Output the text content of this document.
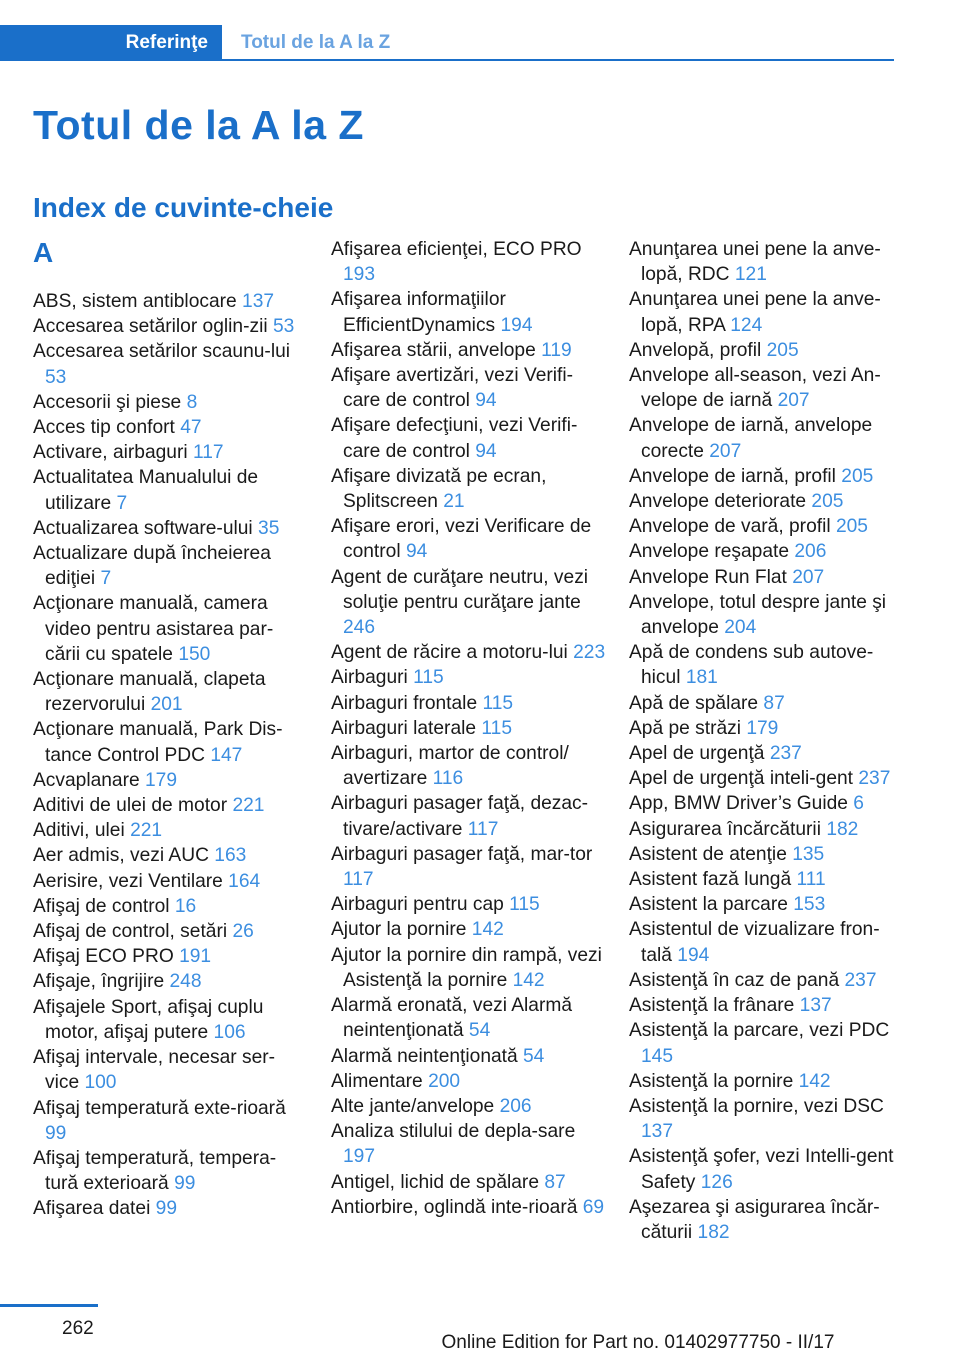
Referinţe	Totul de la A la Z
Totul de la A la Z
Index de cuvinte-cheie
A
ABS, sistem antiblocare 137
Accesarea setărilor oglin-zii 53
Accesarea setărilor scaunu-lui 53
Accesorii şi piese 8
Acces tip confort 47
Activare, airbaguri 117
Actualitatea Manualului de utilizare 7
Actualizarea software-ului 35
Actualizare după încheierea ediţiei 7
Acţionare manuală, camera video pentru asistarea par-cării cu spatele 150
Acţionare manuală, clapeta rezervorului 201
Acţionare manuală, Park Dis-tance Control PDC 147
Acvaplanare 179
Aditivi de ulei de motor 221
Aditivi, ulei 221
Aer admis, vezi AUC 163
Aerisire, vezi Ventilare 164
Afişaj de control 16
Afişaj de control, setări 26
Afişaj ECO PRO 191
Afişaje, îngrijire 248
Afişajele Sport, afişaj cuplu motor, afişaj putere 106
Afişaj intervale, necesar ser-vice 100
Afişaj temperatură exte-rioară 99
Afişaj temperatură, tempera-tură exterioară 99
Afişarea datei 99
Afişarea eficienţei, ECO PRO 193
Afişarea informaţiilor EfficientDynamics 194
Afişarea stării, anvelope 119
Afişare avertizări, vezi Verifi-care de control 94
Afişare defecţiuni, vezi Verifi-care de control 94
Afişare divizată pe ecran, Splitscreen 21
Afişare erori, vezi Verificare de control 94
Agent de curăţare neutru, vezi soluţie pentru curăţare jante 246
Agent de răcire a motoru-lui 223
Airbaguri 115
Airbaguri frontale 115
Airbaguri laterale 115
Airbaguri, martor de control/ avertizare 116
Airbaguri pasager faţă, dezac-tivare/activare 117
Airbaguri pasager faţă, mar-tor 117
Airbaguri pentru cap 115
Ajutor la pornire 142
Ajutor la pornire din rampă, vezi Asistenţă la pornire 142
Alarmă eronată, vezi Alarmă neintenţionată 54
Alarmă neintenţionată 54
Alimentare 200
Alte jante/anvelope 206
Analiza stilului de depla-sare 197
Antigel, lichid de spălare 87
Antiorbire, oglindă inte-rioară 69
Anunţarea unei pene la anve-lopă, RDC 121
Anunţarea unei pene la anve-lopă, RPA 124
Anvelopă, profil 205
Anvelope all-season, vezi An-velope de iarnă 207
Anvelope de iarnă, anvelope corecte 207
Anvelope de iarnă, profil 205
Anvelope deteriorate 205
Anvelope de vară, profil 205
Anvelope reşapate 206
Anvelope Run Flat 207
Anvelope, totul despre jante şi anvelope 204
Apă de condens sub autove-hicul 181
Apă de spălare 87
Apă pe străzi 179
Apel de urgenţă 237
Apel de urgenţă inteli-gent 237
App, BMW Driver’s Guide 6
Asigurarea încărcăturii 182
Asistent de atenţie 135
Asistent fază lungă 111
Asistent la parcare 153
Asistentul de vizualizare fron-tală 194
Asistenţă în caz de pană 237
Asistenţă la frânare 137
Asistenţă la parcare, vezi PDC 145
Asistenţă la pornire 142
Asistenţă la pornire, vezi DSC 137
Asistenţă şofer, vezi Intelli-gent Safety 126
Aşezarea şi asigurarea încăr-căturii 182
262
Online Edition for Part no. 01402977750 - II/17
